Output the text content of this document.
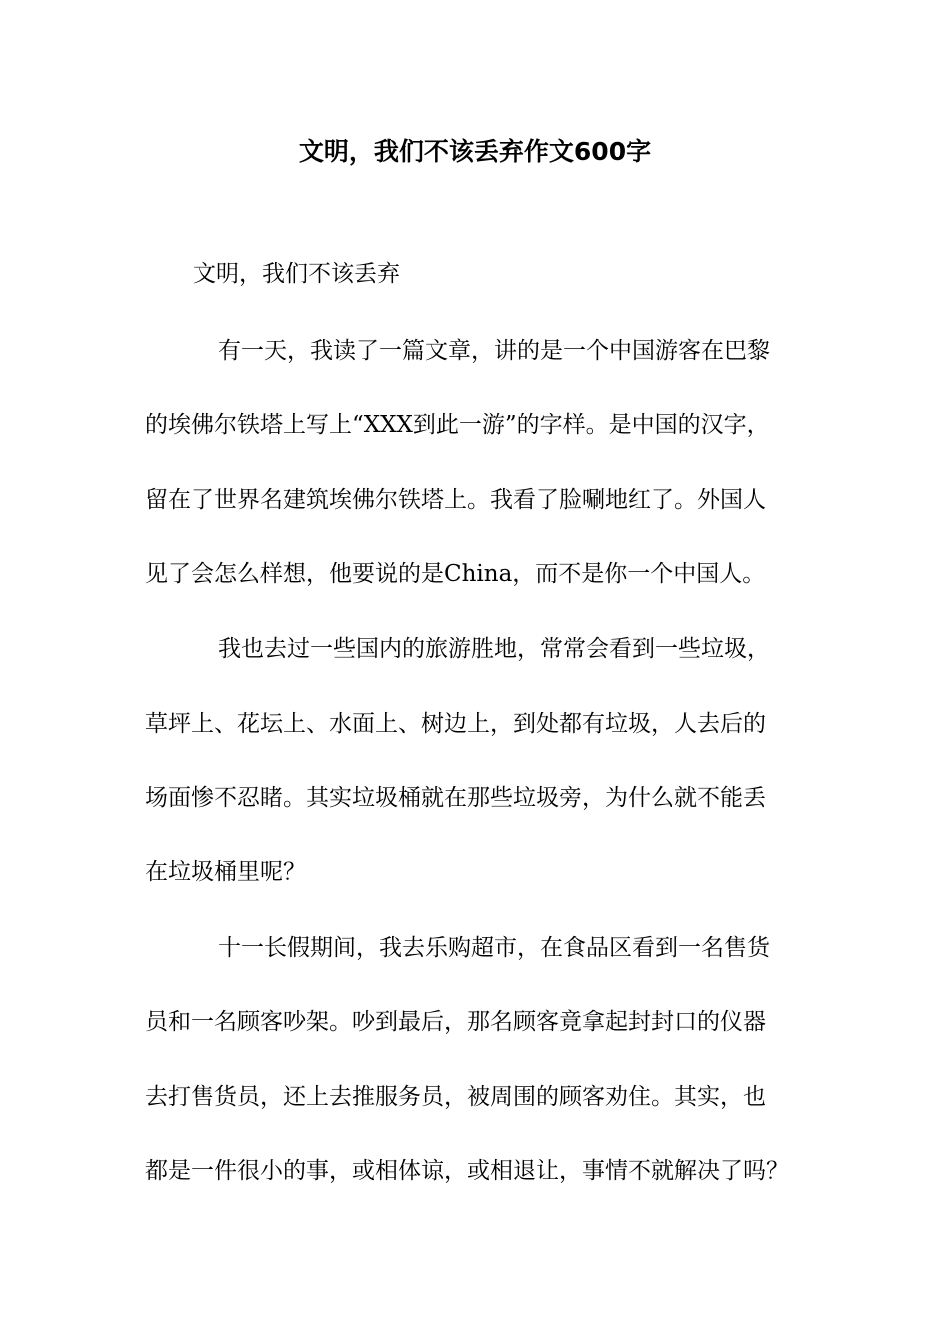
文明，我们不该丢弃作文600字
文明，我们不该丢弃
有一天，我读了一篇文章，讲的是一个中国游客在巴黎
的埃佛尔铁塔上写上“XXX到此一游”的字样。是中国的汉字，
留在了世界名建筑埃佛尔铁塔上。我看了脸唰地红了。外国人
见了会怎么样想，他要说的是China，而不是你一个中国人。
我也去过一些国内的旅游胜地，常常会看到一些垃圾，
草坪上、花坛上、水面上、树边上，到处都有垃圾，人去后的
场面惨不忍睹。其实垃圾桶就在那些垃圾旁，为什么就不能丢
在垃圾桶里呢？
十一长假期间，我去乐购超市，在食品区看到一名售货
员和一名顾客吵架。吵到最后，那名顾客竟拿起封封口的仪器
去打售货员，还上去推服务员，被周围的顾客劝住。其实，也
都是一件很小的事，或相体谅，或相退让，事情不就解决了吗？
